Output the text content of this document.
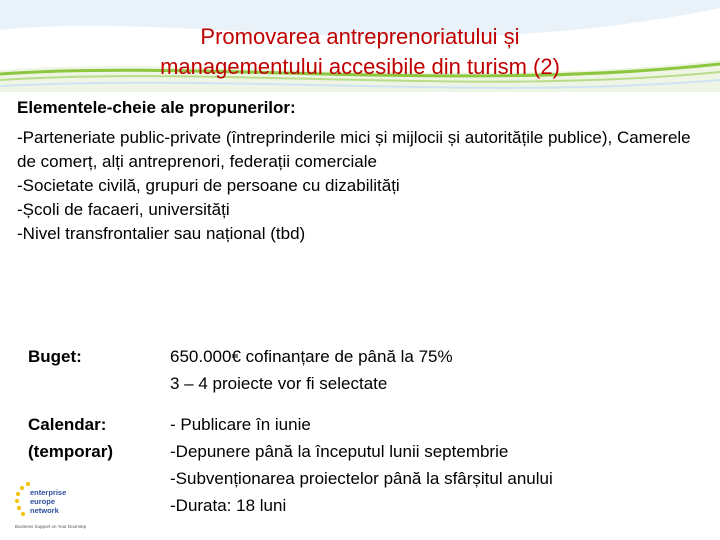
Promovarea antreprenoriatului și
managementului accesibile din turism (2)
Elementele-cheie ale propunerilor:
-Parteneriate public-private (întreprinderile mici și mijlocii și autoritățile publice), Camerele de comerț, alți antreprenori, federații comerciale
-Societate civilă, grupuri de persoane cu dizabilități
-Școli de facaeri, universități
-Nivel transfrontalier sau național (tbd)
Buget:	650.000€ cofinanțare de până la 75%
3 – 4 proiecte vor fi selectate
Calendar:
(temporar)
- Publicare în iunie
-Depunere până la începutul lunii septembrie
-Subvenționarea proiectelor până la sfârșitul anului
-Durata: 18 luni
enterprise
europe
network
Business Support on Your Doorstep
